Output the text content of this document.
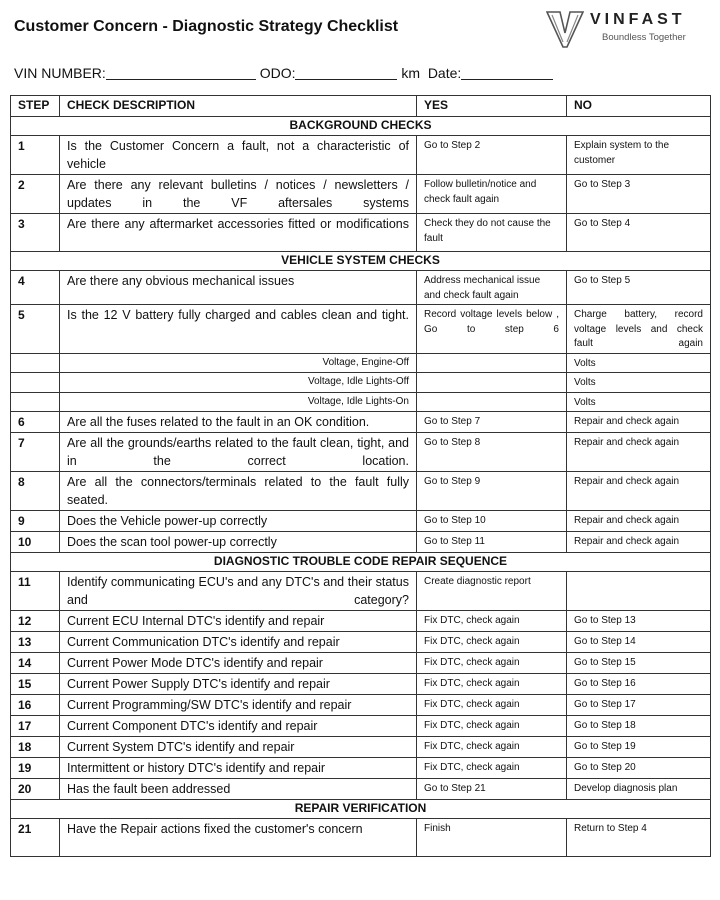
Customer Concern - Diagnostic Strategy Checklist	VINFAST
Boundless Together
VIN NUMBER:	ODO:	km Date:
STEP	CHECK DESCRIPTION	YES	NO
BACKGROUND CHECKS			
1	Is the Customer Concern a fault, not a characteristic of vehicle	Go to Step 2	Explain system to the customer
2	Are there any relevant bulletins / notices / newsletters / updates in the VF aftersales systems	Follow bulletin/notice and check fault again	Go to Step 3
3	Are there any aftermarket accessories fitted or modifications	Check they do not cause the fault	Go to Step 4
VEHICLE SYSTEM CHECKS			
4	Are there any obvious mechanical issues	Address mechanical issue and check fault again	Go to Step 5
5	Is the 12 V battery fully charged and cables clean and tight.	Record voltage levels below , Go to step 6	Charge battery, record voltage levels and check fault again
	Voltage, Engine-Off		Volts
	Voltage, Idle Lights-Off		Volts
	Voltage, Idle Lights-On		Volts
6	Are all the fuses related to the fault in an OK condition.	Go to Step 7	Repair and check again
7	Are all the grounds/earths related to the fault clean, tight, and in the correct location.	Go to Step 8	Repair and check again
8	Are all the connectors/terminals related to the fault fully seated.	Go to Step 9	Repair and check again
9	Does the Vehicle power-up correctly	Go to Step 10	Repair and check again
10	Does the scan tool power-up correctly	Go to Step 11	Repair and check again
DIAGNOSTIC TROUBLE CODE REPAIR SEQUENCE			
11	Identify communicating ECU's and any DTC's and their status and category?	Create diagnostic report	
12	Current ECU Internal DTC's identify and repair	Fix DTC, check again	Go to Step 13
13	Current Communication DTC's identify and repair	Fix DTC, check again	Go to Step 14
14	Current Power Mode DTC's identify and repair	Fix DTC, check again	Go to Step 15
15	Current Power Supply DTC's identify and repair	Fix DTC, check again	Go to Step 16
16	Current Programming/SW DTC's identify and repair	Fix DTC, check again	Go to Step 17
17	Current Component DTC's identify and repair	Fix DTC, check again	Go to Step 18
18	Current System DTC's identify and repair	Fix DTC, check again	Go to Step 19
19	Intermittent or history DTC's identify and repair	Fix DTC, check again	Go to Step 20
20	Has the fault been addressed	Go to Step 21	Develop diagnosis plan
REPAIR VERIFICATION			
21	Have the Repair actions fixed the customer's concern	Finish	Return to Step 4
